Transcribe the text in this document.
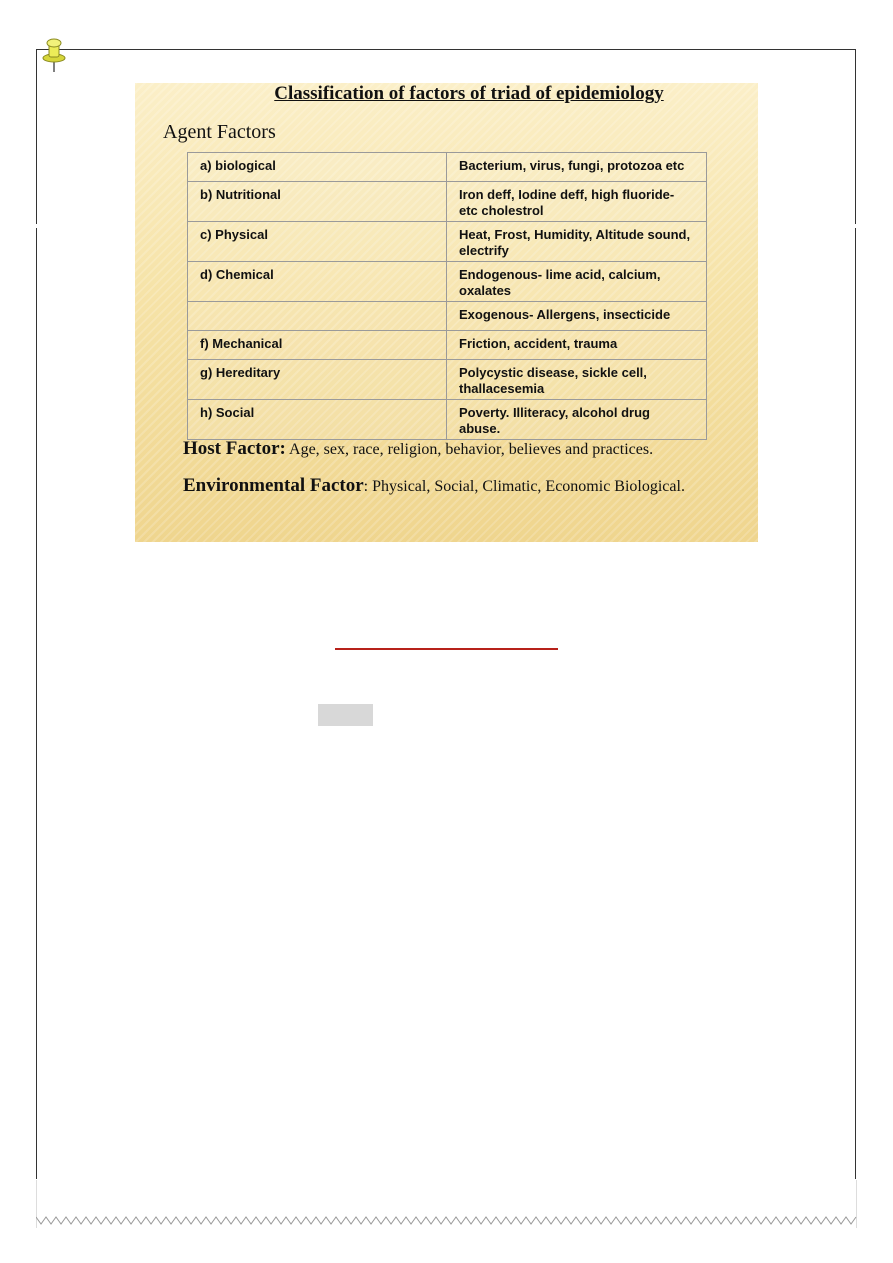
Classification of factors of triad of epidemiology
Agent Factors
a) biological	Bacterium, virus, fungi, protozoa etc
b) Nutritional	Iron deff, Iodine deff, high fluoride- etc cholestrol
c) Physical	Heat, Frost, Humidity, Altitude sound, electrify
d) Chemical	Endogenous- lime acid, calcium, oxalates
	Exogenous- Allergens, insecticide
f) Mechanical	Friction, accident, trauma
g) Hereditary	Polycystic disease, sickle cell, thallacesemia
h) Social	Poverty. Illiteracy, alcohol drug abuse.
Host Factor: Age, sex, race, religion, behavior, believes and practices.
Environmental Factor: Physical, Social, Climatic, Economic Biological.
